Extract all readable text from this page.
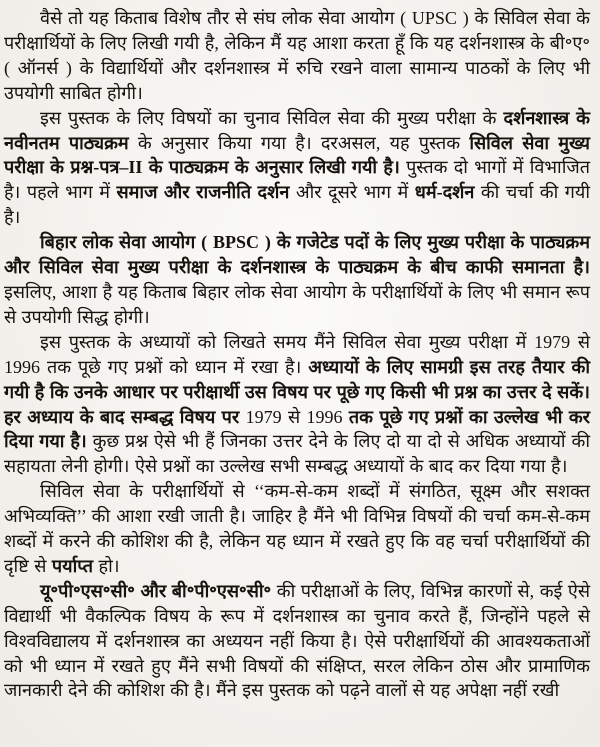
वैसे तो यह किताब विशेष तौर से संघ लोक सेवा आयोग ( UPSC ) के सिविल सेवा के परीक्षार्थियों के लिए लिखी गयी है, लेकिन मैं यह आशा करता हूँ कि यह दर्शनशास्त्र के बी॰ए॰ ( ऑनर्स ) के विद्यार्थियों और दर्शनशास्त्र में रुचि रखने वाला सामान्य पाठकों के लिए भी उपयोगी साबित होगी।

इस पुस्तक के लिए विषयों का चुनाव सिविल सेवा की मुख्य परीक्षा के दर्शनशास्त्र के नवीनतम पाठ्यक्रम के अनुसार किया गया है। दरअसल, यह पुस्तक सिविल सेवा मुख्य परीक्षा के प्रश्न-पत्र–II के पाठ्यक्रम के अनुसार लिखी गयी है। पुस्तक दो भागों में विभाजित है। पहले भाग में समाज और राजनीति दर्शन और दूसरे भाग में धर्म-दर्शन की चर्चा की गयी है।

बिहार लोक सेवा आयोग ( BPSC ) के गजेटेड पदों के लिए मुख्य परीक्षा के पाठ्यक्रम और सिविल सेवा मुख्य परीक्षा के दर्शनशास्त्र के पाठ्यक्रम के बीच काफी समानता है। इसलिए, आशा है यह किताब बिहार लोक सेवा आयोग के परीक्षार्थियों के लिए भी समान रूप से उपयोगी सिद्ध होगी।

इस पुस्तक के अध्यायों को लिखते समय मैंने सिविल सेवा मुख्य परीक्षा में 1979 से 1996 तक पूछे गए प्रश्नों को ध्यान में रखा है। अध्यायों के लिए सामग्री इस तरह तैयार की गयी है कि उनके आधार पर परीक्षार्थी उस विषय पर पूछे गए किसी भी प्रश्न का उत्तर दे सकें। हर अध्याय के बाद सम्बद्ध विषय पर 1979 से 1996 तक पूछे गए प्रश्नों का उल्लेख भी कर दिया गया है। कुछ प्रश्न ऐसे भी हैं जिनका उत्तर देने के लिए दो या दो से अधिक अध्यायों की सहायता लेनी होगी। ऐसे प्रश्नों का उल्लेख सभी सम्बद्ध अध्यायों के बाद कर दिया गया है।

सिविल सेवा के परीक्षार्थियों से ‘‘कम-से-कम शब्दों में संगठित, सूक्ष्म और सशक्त अभिव्यक्ति’’ की आशा रखी जाती है। जाहिर है मैंने भी विभिन्न विषयों की चर्चा कम-से-कम शब्दों में करने की कोशिश की है, लेकिन यह ध्यान में रखते हुए कि वह चर्चा परीक्षार्थियों की दृष्टि से पर्याप्त हो।

यू॰पी॰एस॰सी॰ और बी॰पी॰एस॰सी॰ की परीक्षाओं के लिए, विभिन्न कारणों से, कई ऐसे विद्यार्थी भी वैकल्पिक विषय के रूप में दर्शनशास्त्र का चुनाव करते हैं, जिन्होंने पहले से विश्वविद्यालय में दर्शनशास्त्र का अध्ययन नहीं किया है। ऐसे परीक्षार्थियों की आवश्यकताओं को भी ध्यान में रखते हुए मैंने सभी विषयों की संक्षिप्त, सरल लेकिन ठोस और प्रामाणिक जानकारी देने की कोशिश की है। मैंने इस पुस्तक को पढ़ने वालों से यह अपेक्षा नहीं रखी
